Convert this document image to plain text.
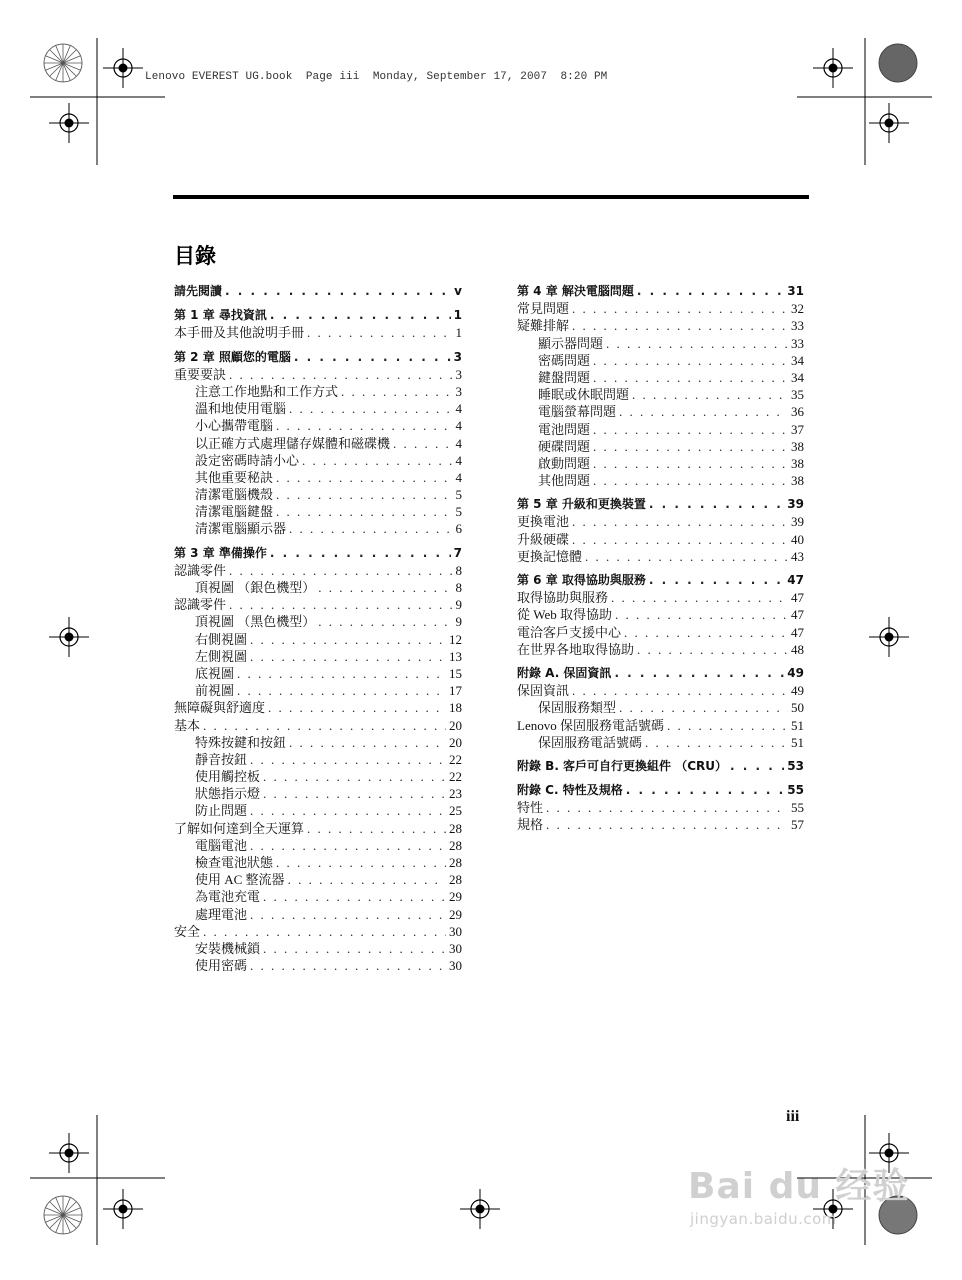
Lenovo EVEREST UG.book  Page iii  Monday, September 17, 2007  8:20 PM
目錄
請先閱讀 . . .	v
第 1 章 尋找資訊 . . .	1
本手冊及其他說明手冊 . . .	1
第 2 章 照顧您的電腦 . . .	3
重要要訣 . . .	3
注意工作地點和工作方式 . . .	3
溫和地使用電腦 . . .	4
小心攜帶電腦 . . .	4
以正確方式處理儲存媒體和磁碟機 . . .	4
設定密碼時請小心 . . .	4
其他重要秘訣 . . .	4
清潔電腦機殼 . . .	5
清潔電腦鍵盤 . . .	5
清潔電腦顯示器 . . .	6
第 3 章 準備操作 . . .	7
認識零件 . . .	8
頂視圖 （銀色機型） . . .	8
認識零件 . . .	9
頂視圖 （黑色機型） . . .	9
右側視圖 . . .	12
左側視圖 . . .	13
底視圖 . . .	15
前視圖 . . .	17
無障礙與舒適度 . . .	18
基本 . . .	20
特殊按鍵和按鈕 . . .	20
靜音按鈕 . . .	22
使用觸控板 . . .	22
狀態指示燈 . . .	23
防止問題 . . .	25
了解如何達到全天運算 . . .	28
電腦電池 . . .	28
檢查電池狀態 . . .	28
使用 AC 整流器 . . .	28
為電池充電 . . .	29
處理電池 . . .	29
安全 . . .	30
安裝機械鎖 . . .	30
使用密碼 . . .	30
第 4 章 解決電腦問題 . . .	31
常見問題 . . .	32
疑難排解 . . .	33
顯示器問題 . . .	33
密碼問題 . . .	34
鍵盤問題 . . .	34
睡眠或休眠問題 . . .	35
電腦螢幕問題 . . .	36
電池問題 . . .	37
硬碟問題 . . .	38
啟動問題 . . .	38
其他問題 . . .	38
第 5 章 升級和更換裝置 . . .	39
更換電池 . . .	39
升級硬碟 . . .	40
更換記憶體 . . .	43
第 6 章 取得協助與服務 . . .	47
取得協助與服務 . . .	47
從 Web 取得協助 . . .	47
電洽客戶支援中心 . . .	47
在世界各地取得協助 . . .	48
附錄 A. 保固資訊 . . .	49
保固資訊 . . .	49
保固服務類型 . . .	50
Lenovo 保固服務電話號碼 . . .	51
保固服務電話號碼 . . .	51
附錄 B. 客戶可自行更換組件 （CRU） . . .	53
附錄 C. 特性及規格 . . .	55
特性 . . .	55
規格 . . .	57
iii
Bai du 经验
jingyan.baidu.com
